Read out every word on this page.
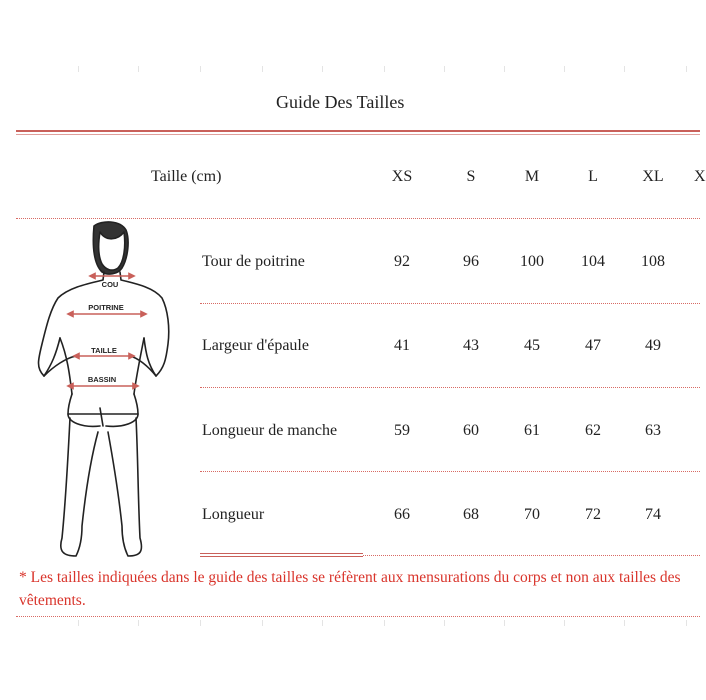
Guide Des Tailles
Taille (cm)	XS	S	M	L	XL	X
COU
POITRINE
TAILLE
BASSIN
Tour de poitrine	92	96	100	104	108
Largeur d'épaule	41	43	45	47	49
Longueur de manche	59	60	61	62	63
Longueur	66	68	70	72	74
* Les tailles indiquées dans le guide des tailles se réfèrent aux mensurations du corps et non aux tailles des vêtements.
